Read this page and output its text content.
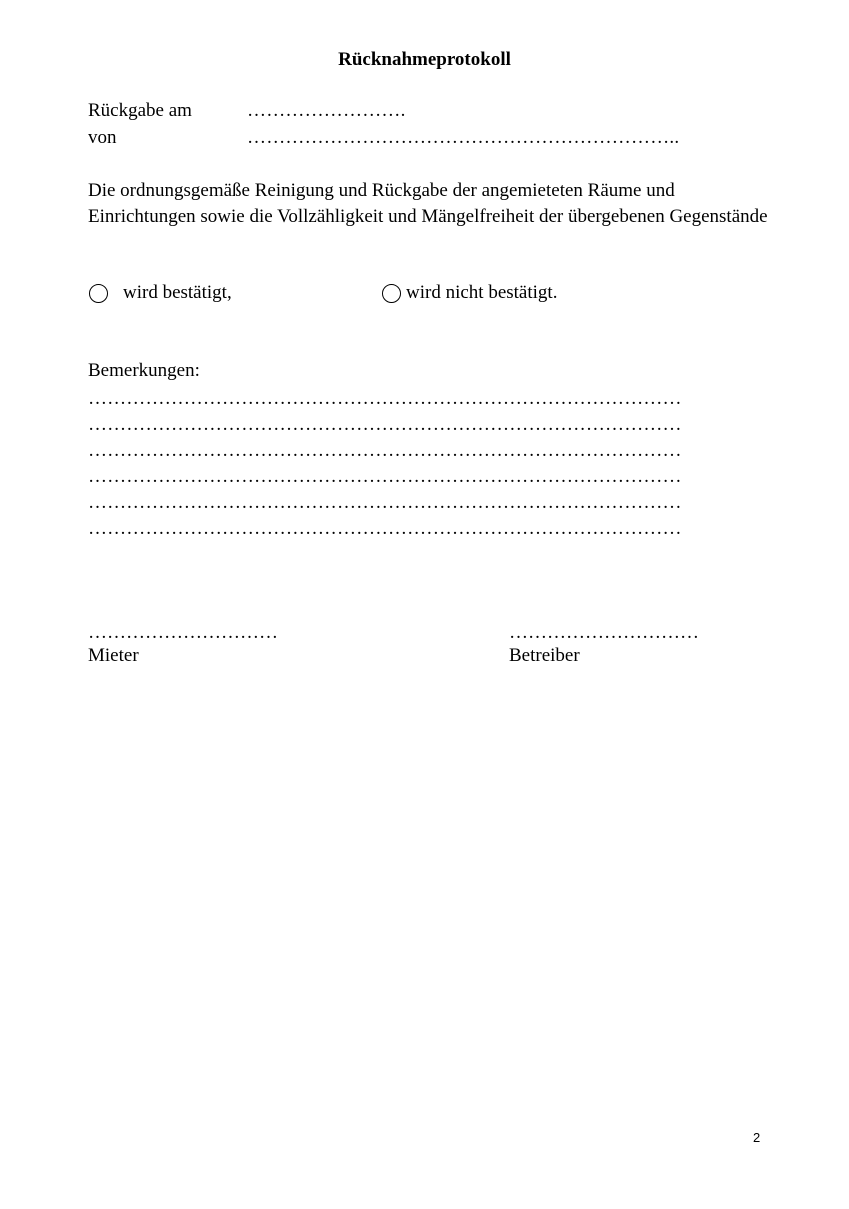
Rücknahmeprotokoll
Rückgabe am	…………………….
von	…………………………………………………………..

Die ordnungsgemäße Reinigung und Rückgabe der angemieteten Räume und Einrichtungen sowie die Vollzähligkeit und Mängelfreiheit der übergebenen Gegenstände

wird bestätigt,	wird nicht bestätigt.
Bemerkungen:
…………………………………………………………………………………
…………………………………………………………………………………
…………………………………………………………………………………
…………………………………………………………………………………
…………………………………………………………………………………
…………………………………………………………………………………
…………………………
Mieter
…………………………
Betreiber
2
